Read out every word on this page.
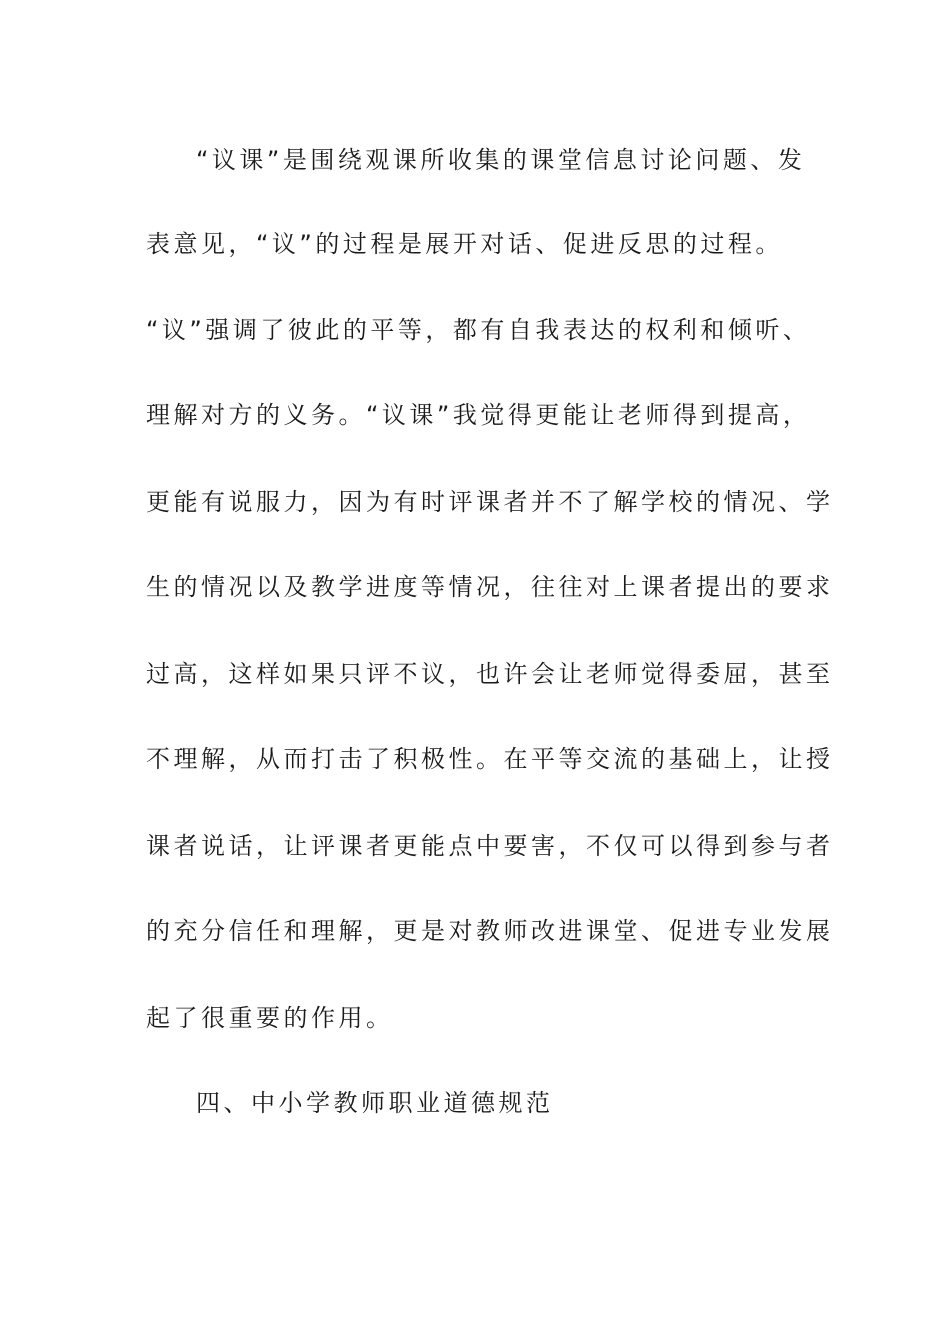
“议课”是围绕观课所收集的课堂信息讨论问题、发
表意见，“议”的过程是展开对话、促进反思的过程。
“议”强调了彼此的平等，都有自我表达的权利和倾听、
理解对方的义务。“议课”我觉得更能让老师得到提高，
更能有说服力，因为有时评课者并不了解学校的情况、学
生的情况以及教学进度等情况，往往对上课者提出的要求
过高，这样如果只评不议，也许会让老师觉得委屈，甚至
不理解，从而打击了积极性。在平等交流的基础上，让授
课者说话，让评课者更能点中要害，不仅可以得到参与者
的充分信任和理解，更是对教师改进课堂、促进专业发展
起了很重要的作用。
四、中小学教师职业道德规范
